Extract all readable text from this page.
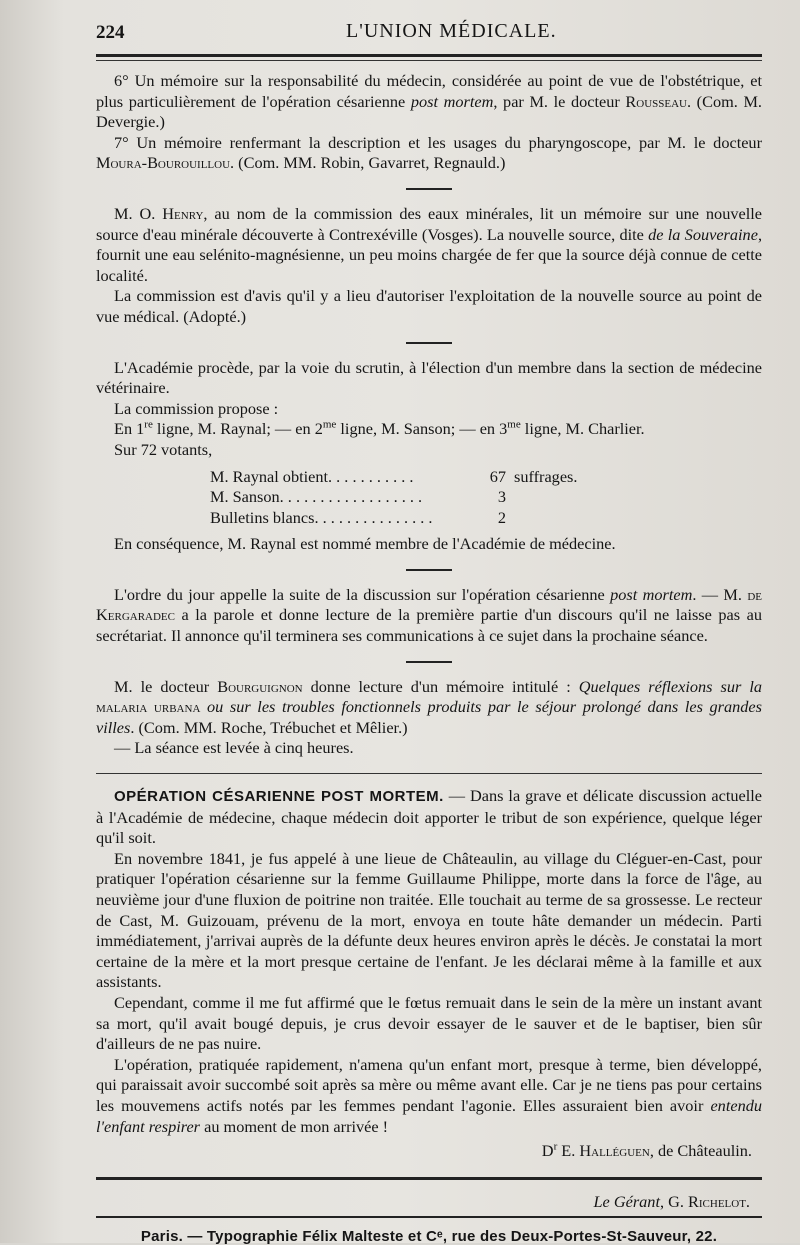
224	L'UNION MÉDICALE.

6° Un mémoire sur la responsabilité du médecin, considérée au point de vue de l'obstétrique, et plus particulièrement de l'opération césarienne post mortem, par M. le docteur Rousseau. (Com. M. Devergie.)

7° Un mémoire renfermant la description et les usages du pharyngoscope, par M. le docteur Moura-Bourouillou. (Com. MM. Robin, Gavarret, Regnauld.)

M. O. Henry, au nom de la commission des eaux minérales, lit un mémoire sur une nouvelle source d'eau minérale découverte à Contrexéville (Vosges). La nouvelle source, dite de la Souveraine, fournit une eau selénito-magnésienne, un peu moins chargée de fer que la source déjà connue de cette localité.

La commission est d'avis qu'il y a lieu d'autoriser l'exploitation de la nouvelle source au point de vue médical. (Adopté.)

L'Académie procède, par la voie du scrutin, à l'élection d'un membre dans la section de médecine vétérinaire.

La commission propose :

En 1re ligne, M. Raynal; — en $2^{me}$ ligne, M. Sanson; — en $3^{me}$ ligne, M. Charlier.

Sur 72 votants,

M. Raynal obtient. . . . . . . . . . .	67 suffrages.
M. Sanson. . . . . . . . . . . . . . . . . .	3
Bulletins blancs. . . . . . . . . . . . . . .	2

En conséquence, M. Raynal est nommé membre de l'Académie de médecine.

L'ordre du jour appelle la suite de la discussion sur l'opération césarienne post mortem. — M. de Kergaradec a la parole et donne lecture de la première partie d'un discours qu'il ne laisse pas au secrétariat. Il annonce qu'il terminera ses communications à ce sujet dans la prochaine séance.

M. le docteur Bourguignon donne lecture d'un mémoire intitulé : Quelques réflexions sur la malaria urbana ou sur les troubles fonctionnels produits par le séjour prolongé dans les grandes villes. (Com. MM. Roche, Trébuchet et Mêlier.)

— La séance est levée à cinq heures.

OPÉRATION CÉSARIENNE POST MORTEM. — Dans la grave et délicate discussion actuelle à l'Académie de médecine, chaque médecin doit apporter le tribut de son expérience, quelque léger qu'il soit.

En novembre 1841, je fus appelé à une lieue de Châteaulin, au village du Cléguer-en-Cast, pour pratiquer l'opération césarienne sur la femme Guillaume Philippe, morte dans la force de l'âge, au neuvième jour d'une fluxion de poitrine non traitée. Elle touchait au terme de sa grossesse. Le recteur de Cast, M. Guizouam, prévenu de la mort, envoya en toute hâte demander un médecin. Parti immédiatement, j'arrivai auprès de la défunte deux heures environ après le décès. Je constatai la mort certaine de la mère et la mort presque certaine de l'enfant. Je les déclarai même à la famille et aux assistants.

Cependant, comme il me fut affirmé que le fœtus remuait dans le sein de la mère un instant avant sa mort, qu'il avait bougé depuis, je crus devoir essayer de le sauver et de le baptiser, bien sûr d'ailleurs de ne pas nuire.

L'opération, pratiquée rapidement, n'amena qu'un enfant mort, presque à terme, bien développé, qui paraissait avoir succombé soit après sa mère ou même avant elle. Car je ne tiens pas pour certains les mouvemens actifs notés par les femmes pendant l'agonie. Elles assuraient bien avoir entendu l'enfant respirer au moment de mon arrivée !

$D^r$ E. Halléguen, de Châteaulin.
Le Gérant, G. Richelot.
Paris. — Typographie Félix Malteste et Cᵉ, rue des Deux-Portes-St-Sauveur, 22.
